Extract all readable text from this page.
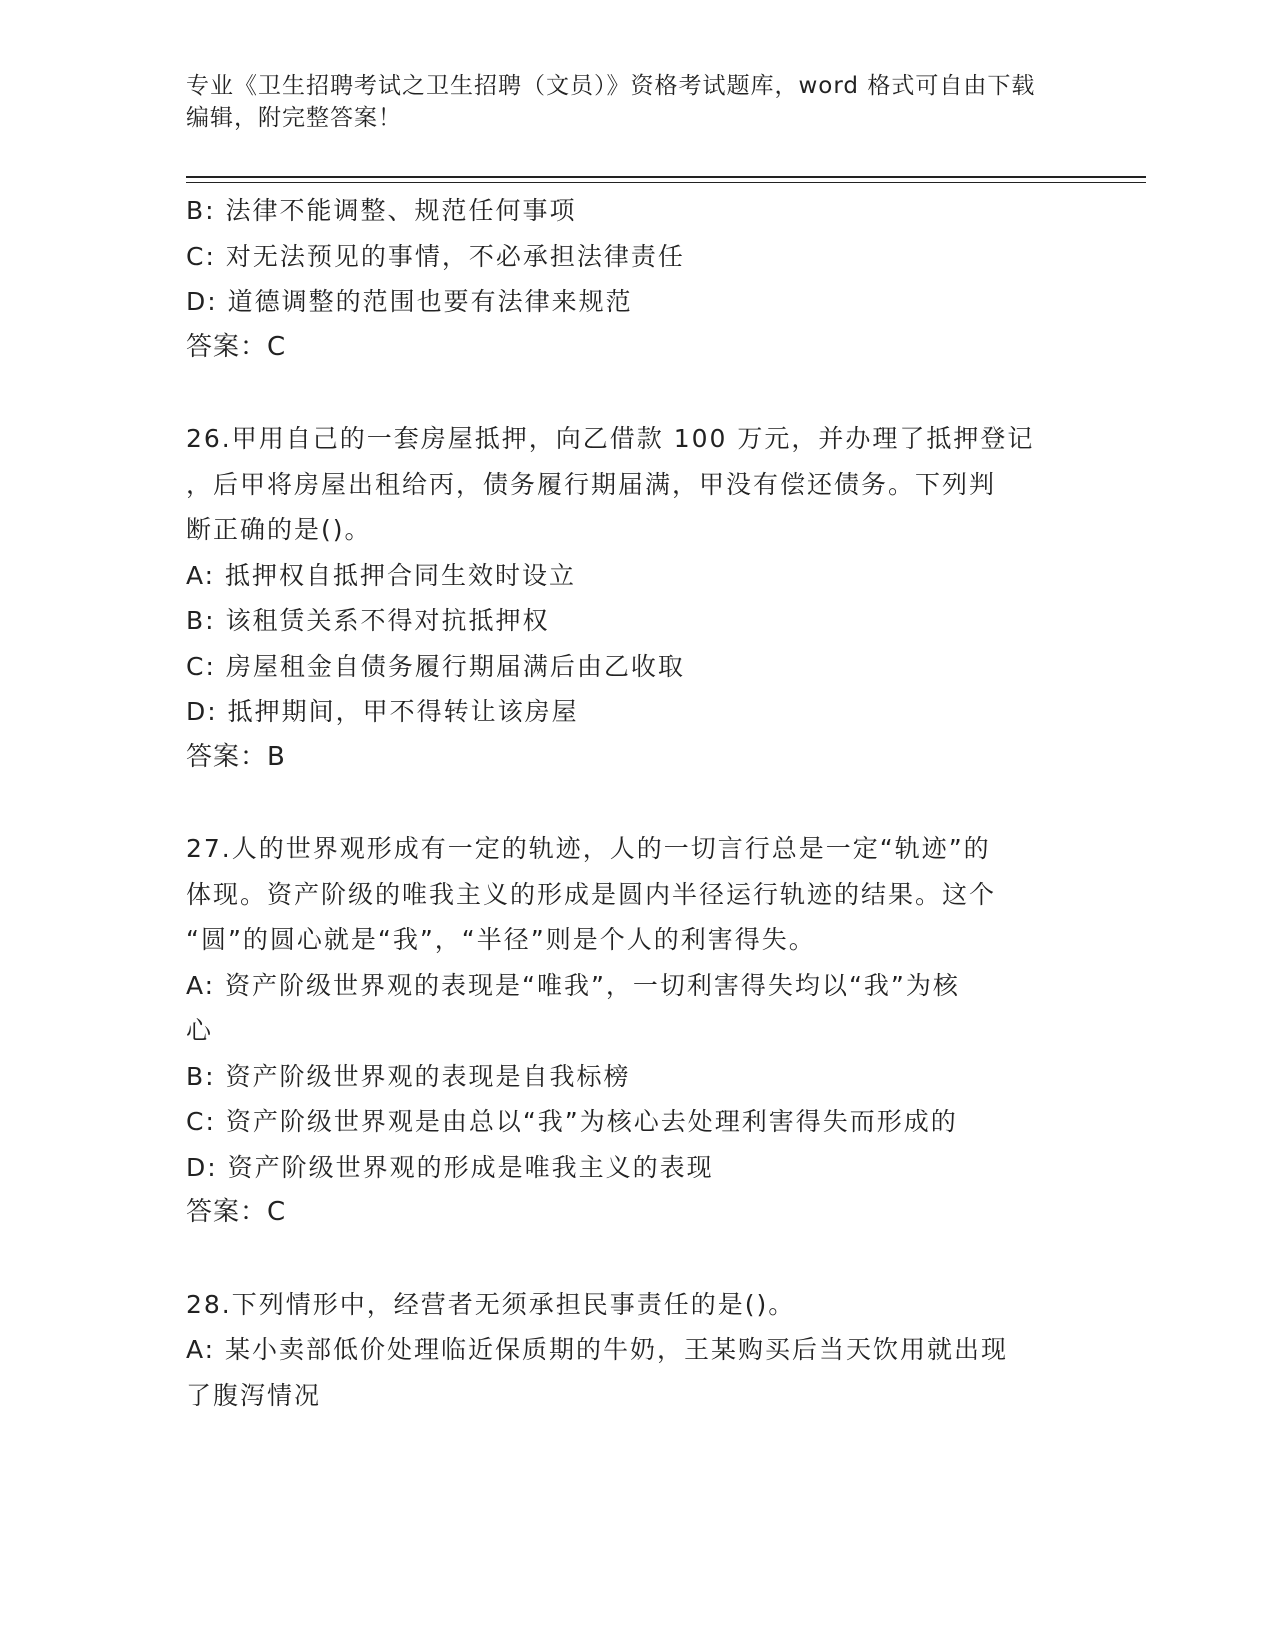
专业《卫生招聘考试之卫生招聘（文员）》资格考试题库，word 格式可自由下载
编辑，附完整答案！
B: 法律不能调整、规范任何事项
C: 对无法预见的事情，不必承担法律责任
D: 道德调整的范围也要有法律来规范
答案：C
26.甲用自己的一套房屋抵押，向乙借款 100 万元，并办理了抵押登记
，后甲将房屋出租给丙，债务履行期届满，甲没有偿还债务。下列判
断正确的是()。
A: 抵押权自抵押合同生效时设立
B: 该租赁关系不得对抗抵押权
C: 房屋租金自债务履行期届满后由乙收取
D: 抵押期间，甲不得转让该房屋
答案：B
27.人的世界观形成有一定的轨迹，人的一切言行总是一定“轨迹”的
体现。资产阶级的唯我主义的形成是圆内半径运行轨迹的结果。这个
“圆”的圆心就是“我”，“半径”则是个人的利害得失。
A: 资产阶级世界观的表现是“唯我”，一切利害得失均以“我”为核
心
B: 资产阶级世界观的表现是自我标榜
C: 资产阶级世界观是由总以“我”为核心去处理利害得失而形成的
D: 资产阶级世界观的形成是唯我主义的表现
答案：C
28.下列情形中，经营者无须承担民事责任的是()。
A: 某小卖部低价处理临近保质期的牛奶，王某购买后当天饮用就出现
了腹泻情况
